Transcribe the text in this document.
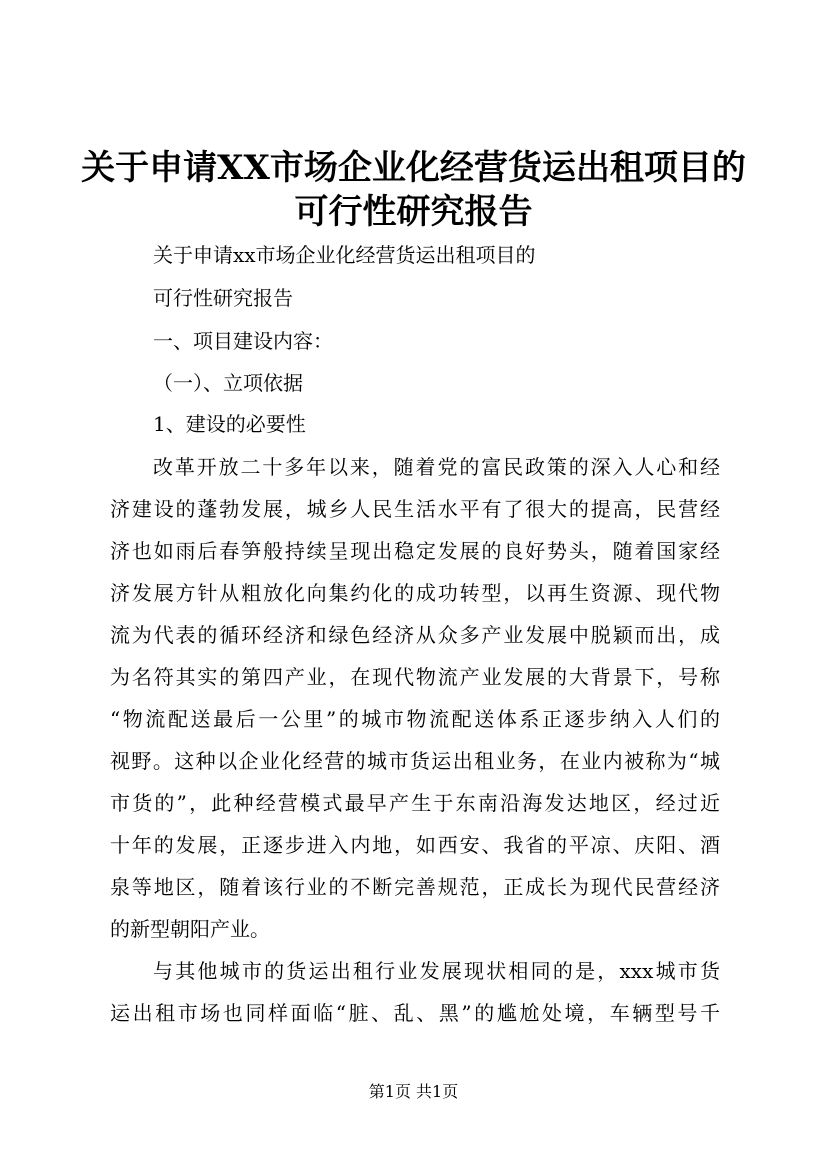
关于申请XX市场企业化经营货运出租项目的
可行性研究报告

关于申请xx市场企业化经营货运出租项目的

可行性研究报告

一、项目建设内容：

（一）、立项依据

1、建设的必要性

改革开放二十多年以来，随着党的富民政策的深入人心和经

济建设的蓬勃发展，城乡人民生活水平有了很大的提高，民营经

济也如雨后春笋般持续呈现出稳定发展的良好势头，随着国家经

济发展方针从粗放化向集约化的成功转型，以再生资源、现代物

流为代表的循环经济和绿色经济从众多产业发展中脱颖而出，成

为名符其实的第四产业，在现代物流产业发展的大背景下，号称

“物流配送最后一公里”的城市物流配送体系正逐步纳入人们的

视野。这种以企业化经营的城市货运出租业务，在业内被称为“城

市货的”，此种经营模式最早产生于东南沿海发达地区，经过近

十年的发展，正逐步进入内地，如西安、我省的平凉、庆阳、酒

泉等地区，随着该行业的不断完善规范，正成长为现代民营经济

的新型朝阳产业。

与其他城市的货运出租行业发展现状相同的是，xxx城市货

运出租市场也同样面临“脏、乱、黑”的尴尬处境，车辆型号千

第1页 共1页
